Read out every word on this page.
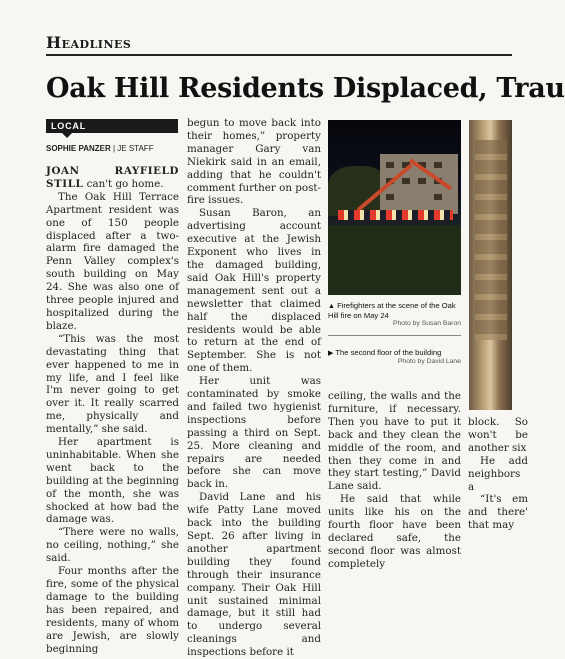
Headlines
Oak Hill Residents Displaced, Trau
LOCAL
SOPHIE PANZER | JE STAFF

JOAN RAYFIELD STILL can't go home.

The Oak Hill Terrace Apartment resident was one of 150 people displaced after a two-alarm fire damaged the Penn Valley complex's south building on May 24. She was also one of three people injured and hospitalized during the blaze.

“This was the most devastating thing that ever happened to me in my life, and I feel like I'm never going to get over it. It really scarred me, physically and mentally,” she said.

Her apartment is uninhabitable. When she went back to the building at the beginning of the month, she was shocked at how bad the damage was.

“There were no walls, no ceiling, nothing,” she said.

Four months after the fire, some of the physical damage to the building has been repaired, and residents, many of whom are Jewish, are slowly beginning

begun to move back into their homes,” property manager Gary van Niekirk said in an email, adding that he couldn't comment further on post-fire issues.

Susan Baron, an advertising account executive at the Jewish Exponent who lives in the damaged building, said Oak Hill's property management sent out a newsletter that claimed half the displaced residents would be able to return at the end of September. She is not one of them.

Her unit was contaminated by smoke and failed two hygienist inspections before passing a third on Sept. 25. More cleaning and repairs are needed before she can move back in.

David Lane and his wife Patty Lane moved back into the building Sept. 26 after living in another apartment building they found through their insurance company. Their Oak Hill unit sustained minimal damage, but it still had to undergo several cleanings and inspections before it

▲ Firefighters at the scene of the Oak Hill fire on May 24
Photo by Susan Baron
▶ The second floor of the building
Photo by David Lane

ceiling, the walls and the furniture, if necessary. Then you have to put it back and they clean the middle of the room, and then they come in and they start testing,” David Lane said.

He said that while units like his on the fourth floor have been declared safe, the second floor was almost completely

block. So won't be another six

He add neighbors a

“It's em and there' that may
